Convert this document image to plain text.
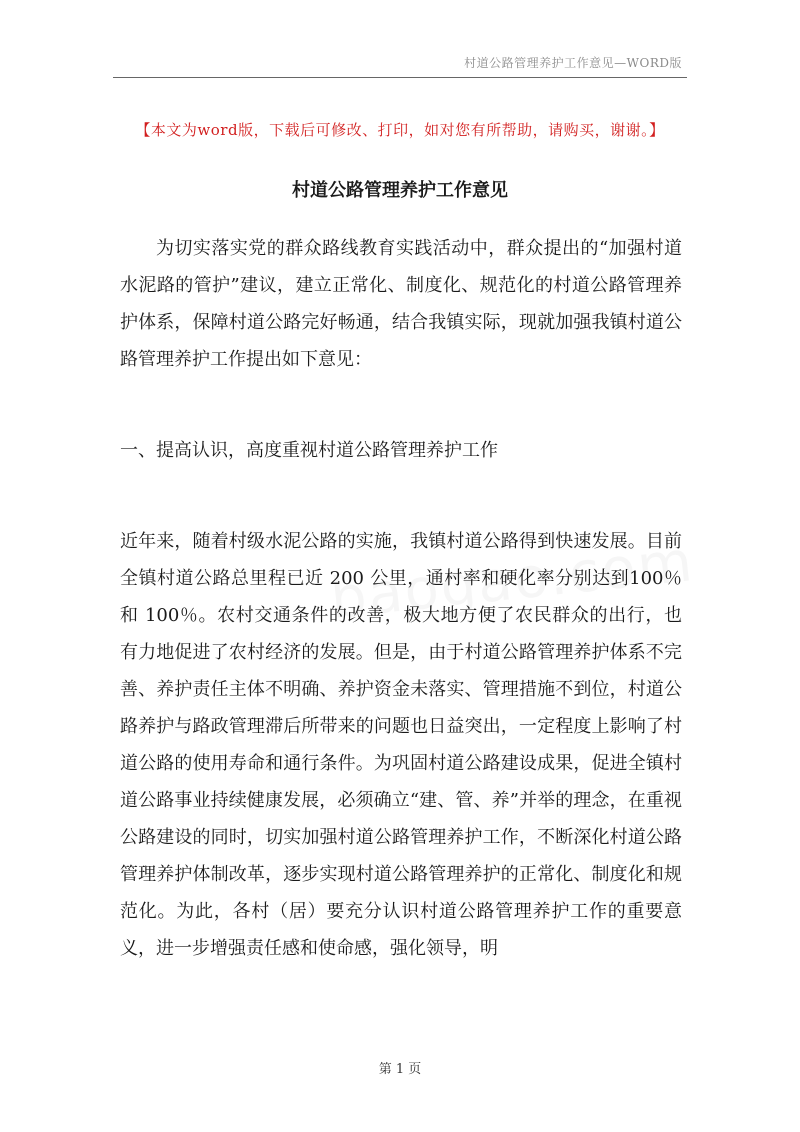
村道公路管理养护工作意见—WORD版
【本文为word版，下载后可修改、打印，如对您有所帮助，请购买，谢谢。】
村道公路管理养护工作意见

为切实落实党的群众路线教育实践活动中，群众提出的“加强村道水泥路的管护”建议，建立正常化、制度化、规范化的村道公路管理养护体系，保障村道公路完好畅通，结合我镇实际，现就加强我镇村道公路管理养护工作提出如下意见：

一、提高认识，高度重视村道公路管理养护工作

近年来，随着村级水泥公路的实施，我镇村道公路得到快速发展。目前全镇村道公路总里程已近 200 公里，通村率和硬化率分别达到100％和 100％。农村交通条件的改善，极大地方便了农民群众的出行，也有力地促进了农村经济的发展。但是，由于村道公路管理养护体系不完善、养护责任主体不明确、养护资金未落实、管理措施不到位，村道公路养护与路政管理滞后所带来的问题也日益突出，一定程度上影响了村道公路的使用寿命和通行条件。为巩固村道公路建设成果，促进全镇村道公路事业持续健康发展，必须确立“建、管、养”并举的理念，在重视公路建设的同时，切实加强村道公路管理养护工作，不断深化村道公路管理养护体制改革，逐步实现村道公路管理养护的正常化、制度化和规范化。为此，各村（居）要充分认识村道公路管理养护工作的重要意义，进一步增强责任感和使命感，强化领导，明

第 1 页
